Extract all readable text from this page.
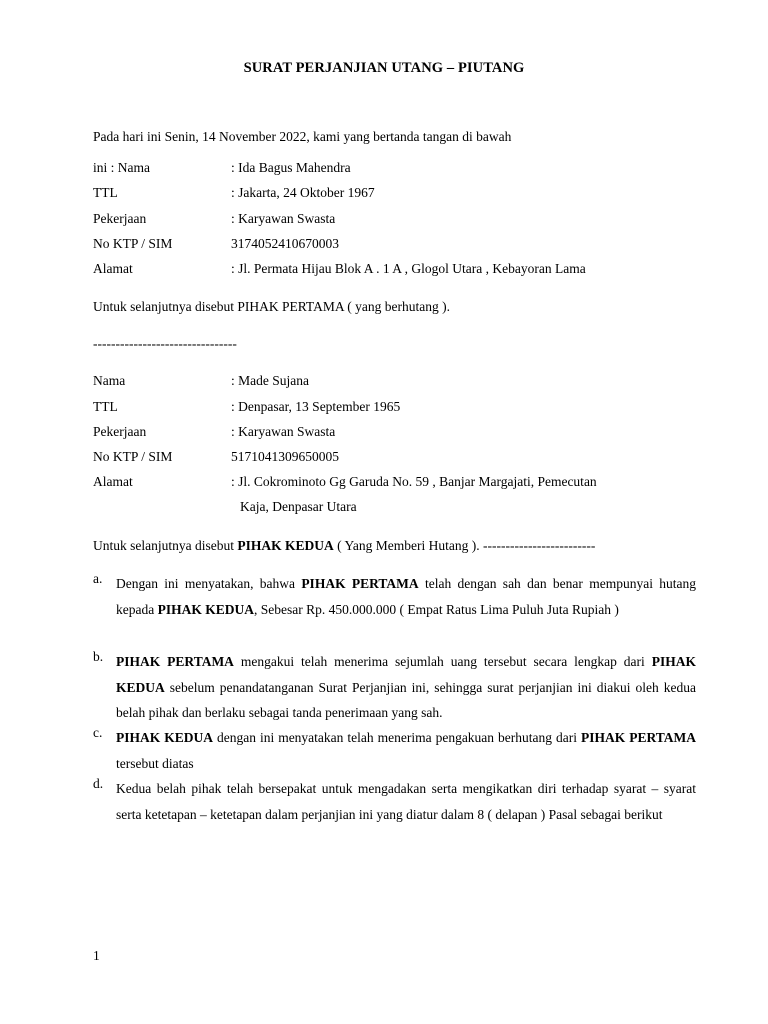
SURAT PERJANJIAN UTANG – PIUTANG
Pada hari ini Senin, 14 November 2022, kami yang bertanda tangan di bawah
ini : Nama	: Ida Bagus Mahendra
TTL	: Jakarta, 24 Oktober 1967
Pekerjaan	: Karyawan Swasta
No KTP / SIM	3174052410670003
Alamat	: Jl. Permata Hijau Blok A . 1 A , Glogol Utara , Kebayoran Lama
Untuk selanjutnya disebut PIHAK PERTAMA ( yang berhutang ).
--------------------------------
Nama	: Made Sujana
TTL	: Denpasar, 13 September 1965
Pekerjaan	: Karyawan Swasta
No KTP / SIM	5171041309650005
Alamat	: Jl. Cokrominoto Gg Garuda No. 59 , Banjar Margajati, Pemecutan
Kaja, Denpasar Utara
Untuk selanjutnya disebut PIHAK KEDUA ( Yang Memberi Hutang ). -------------------------
a. Dengan ini menyatakan, bahwa PIHAK PERTAMA telah dengan sah dan benar mempunyai hutang kepada PIHAK KEDUA, Sebesar Rp. 450.000.000 ( Empat Ratus Lima Puluh Juta Rupiah )
b. PIHAK PERTAMA mengakui telah menerima sejumlah uang tersebut secara lengkap dari PIHAK KEDUA sebelum penandatanganan Surat Perjanjian ini, sehingga surat perjanjian ini diakui oleh kedua belah pihak dan berlaku sebagai tanda penerimaan yang sah.
c. PIHAK KEDUA dengan ini menyatakan telah menerima pengakuan berhutang dari PIHAK PERTAMA tersebut diatas
d. Kedua belah pihak telah bersepakat untuk mengadakan serta mengikatkan diri terhadap syarat – syarat serta ketetapan – ketetapan dalam perjanjian ini yang diatur dalam 8 ( delapan ) Pasal sebagai berikut
1
